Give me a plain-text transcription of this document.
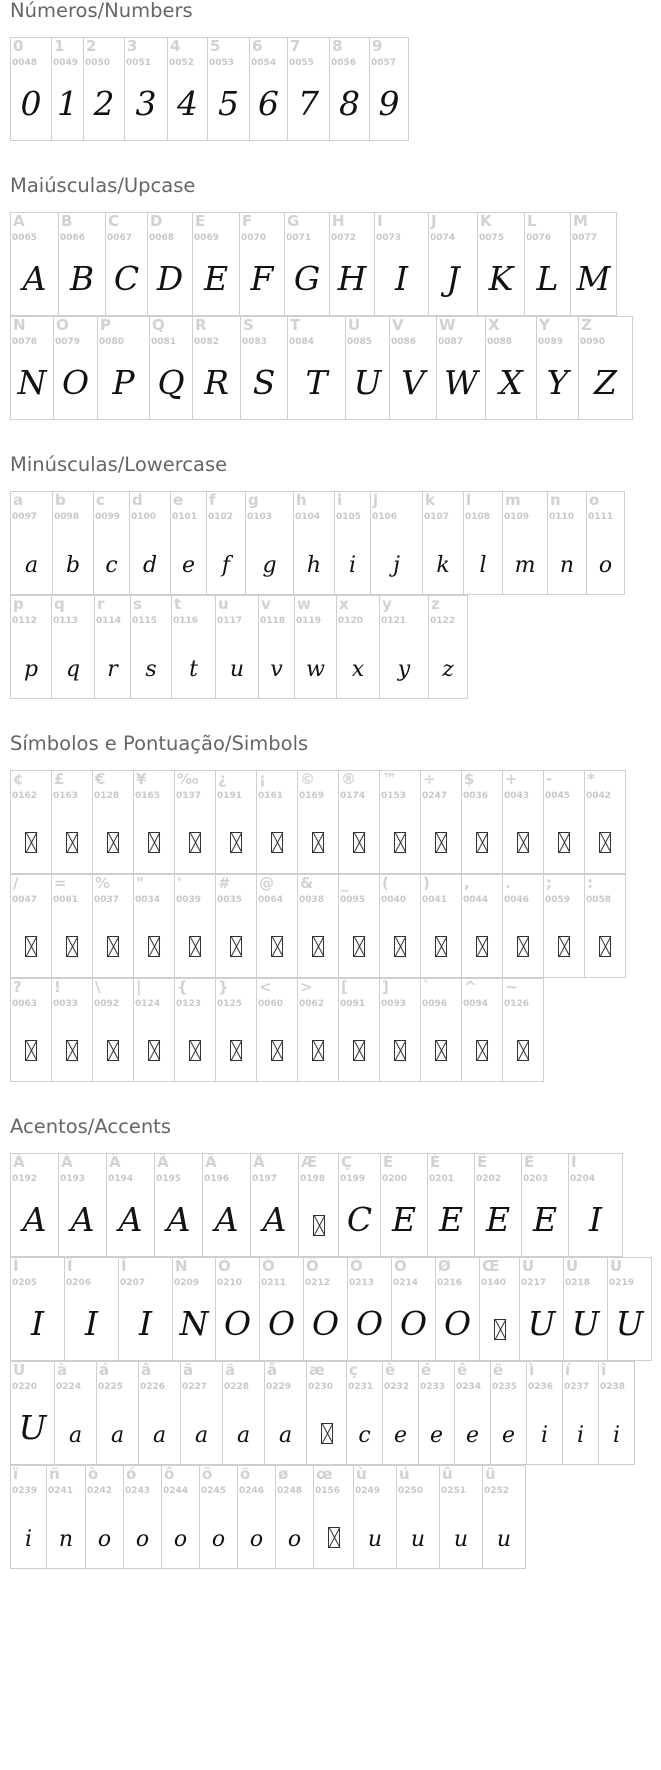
Números/Numbers
0
0048
0
1
0049
1
2
0050
2
3
0051
3
4
0052
4
5
0053
5
6
0054
6
7
0055
7
8
0056
8
9
0057
9
Maiúsculas/Upcase
A
0065
A
B
0066
B
C
0067
C
D
0068
D
E
0069
E
F
0070
F
G
0071
G
H
0072
H
I
0073
I
J
0074
J
K
0075
K
L
0076
L
M
0077
M
N
0078
N
O
0079
O
P
0080
P
Q
0081
Q
R
0082
R
S
0083
S
T
0084
T
U
0085
U
V
0086
V
W
0087
W
X
0088
X
Y
0089
Y
Z
0090
Z
Minúsculas/Lowercase
a
0097
a
b
0098
b
c
0099
c
d
0100
d
e
0101
e
f
0102
f
g
0103
g
h
0104
h
i
0105
i
j
0106
j
k
0107
k
l
0108
l
m
0109
m
n
0110
n
o
0111
o
p
0112
p
q
0113
q
r
0114
r
s
0115
s
t
0116
t
u
0117
u
v
0118
v
w
0119
w
x
0120
x
y
0121
y
z
0122
z
Símbolos e Pontuação/Simbols
¢
0162
£
0163
€
0128
¥
0165
‰
0137
¿
0191
¡
0161
©
0169
®
0174
™
0153
÷
0247
$
0036
+
0043
-
0045
*
0042
/
0047
=
0061
%
0037
"
0034
'
0039
#
0035
@
0064
&
0038
_
0095
(
0040
)
0041
,
0044
.
0046
;
0059
:
0058
?
0063
!
0033
\
0092
|
0124
{
0123
}
0125
<
0060
>
0062
[
0091
]
0093
`
0096
^
0094
~
0126
Acentos/Accents
À
0192
A
Á
0193
A
Â
0194
A
Ã
0195
A
Ä
0196
A
Å
0197
A
Æ
0198
Ç
0199
C
È
0200
E
É
0201
E
Ê
0202
E
Ë
0203
E
Ì
0204
I
Í
0205
I
Î
0206
I
Ï
0207
I
Ñ
0209
N
Ò
0210
O
Ó
0211
O
Ô
0212
O
Õ
0213
O
Ö
0214
O
Ø
0216
O
Œ
0140
Ù
0217
U
Ú
0218
U
Û
0219
U
Ü
0220
U
à
0224
a
á
0225
a
â
0226
a
ã
0227
a
ä
0228
a
å
0229
a
æ
0230
ç
0231
c
è
0232
e
é
0233
e
ê
0234
e
ë
0235
e
ì
0236
i
í
0237
i
î
0238
i
ï
0239
i
ñ
0241
n
ò
0242
o
ó
0243
o
ô
0244
o
õ
0245
o
ö
0246
o
ø
0248
o
œ
0156
ù
0249
u
ú
0250
u
û
0251
u
ü
0252
u
